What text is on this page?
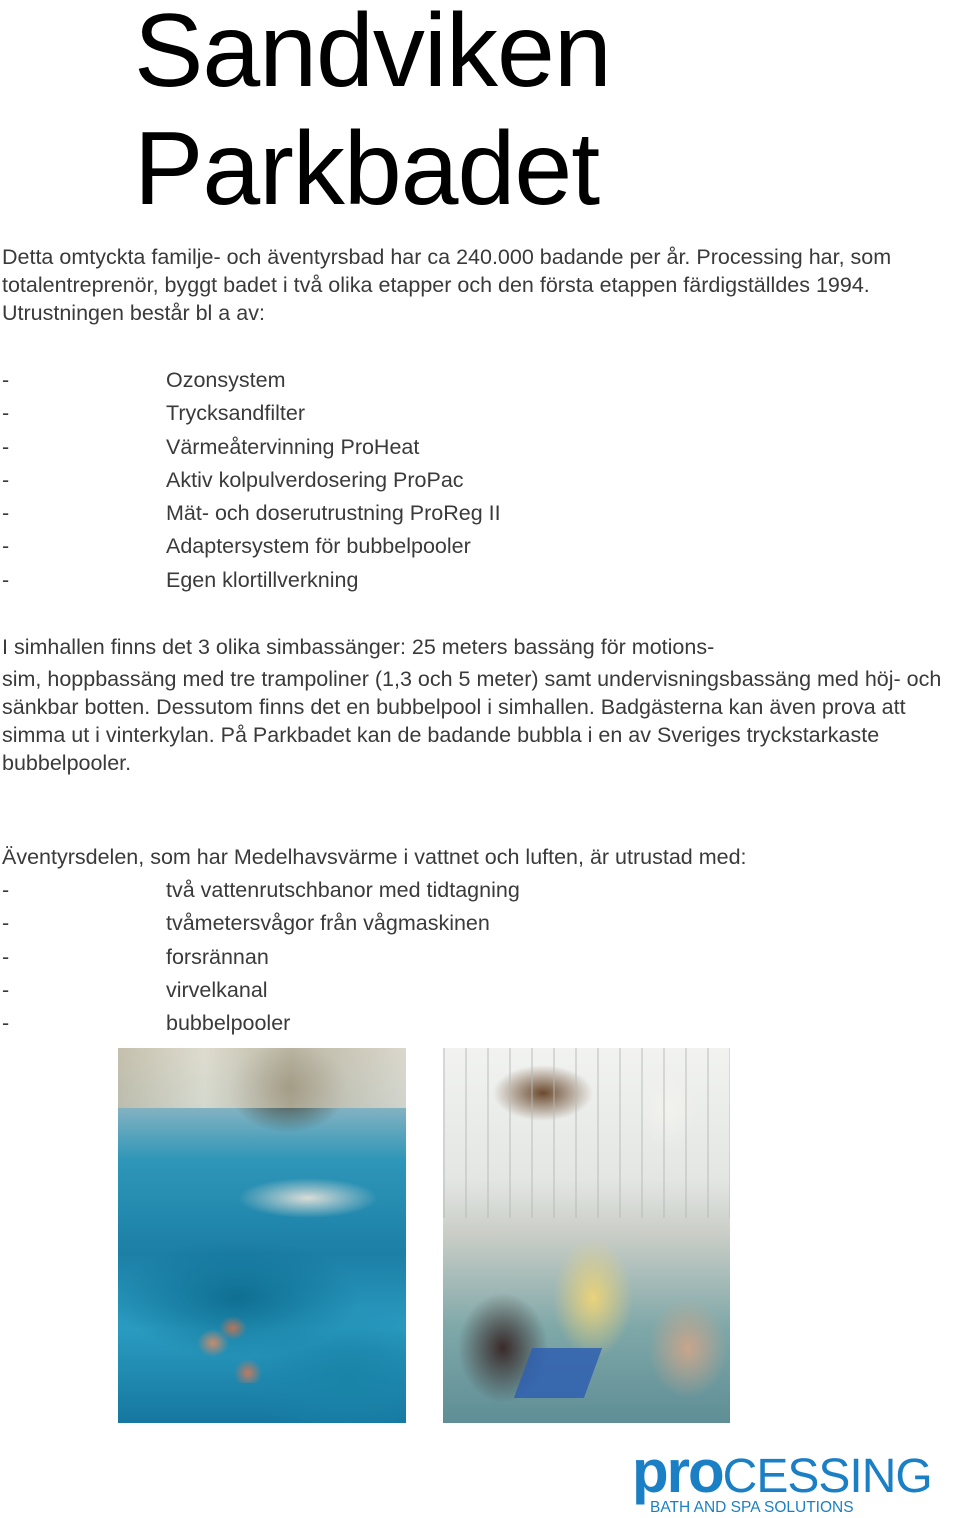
Sandviken
Parkbadet

Detta omtyckta familje- och äventyrsbad har ca 240.000 badande per år. Processing har, som totalentreprenör, byggt badet i två olika etapper och den första etappen färdigställdes 1994. Utrustningen består bl a av:

-	Ozonsystem
-	Trycksandfilter
-	Värmeåtervinning ProHeat
-	Aktiv kolpulverdosering ProPac
-	Mät- och doserutrustning ProReg II
-	Adaptersystem för bubbelpooler
-	Egen klortillverkning

I simhallen finns det 3 olika simbassänger: 25 meters bassäng för motions-
sim, hoppbassäng med tre trampoliner (1,3 och 5 meter) samt undervisningsbassäng med höj- och sänkbar botten. Dessutom finns det en bubbelpool i simhallen. Badgästerna kan även prova att simma ut i vinterkylan. På Parkbadet kan de badande bubbla i en av Sveriges tryckstarkaste bubbelpooler.

Äventyrsdelen, som har Medelhavsvärme i vattnet och luften, är utrustad med:

-	två vattenrutschbanor med tidtagning
-	tvåmetersvågor från vågmaskinen
-	forsrännan
-	virvelkanal
-	bubbelpooler
proCESSING
BATH AND SPA SOLUTIONS
